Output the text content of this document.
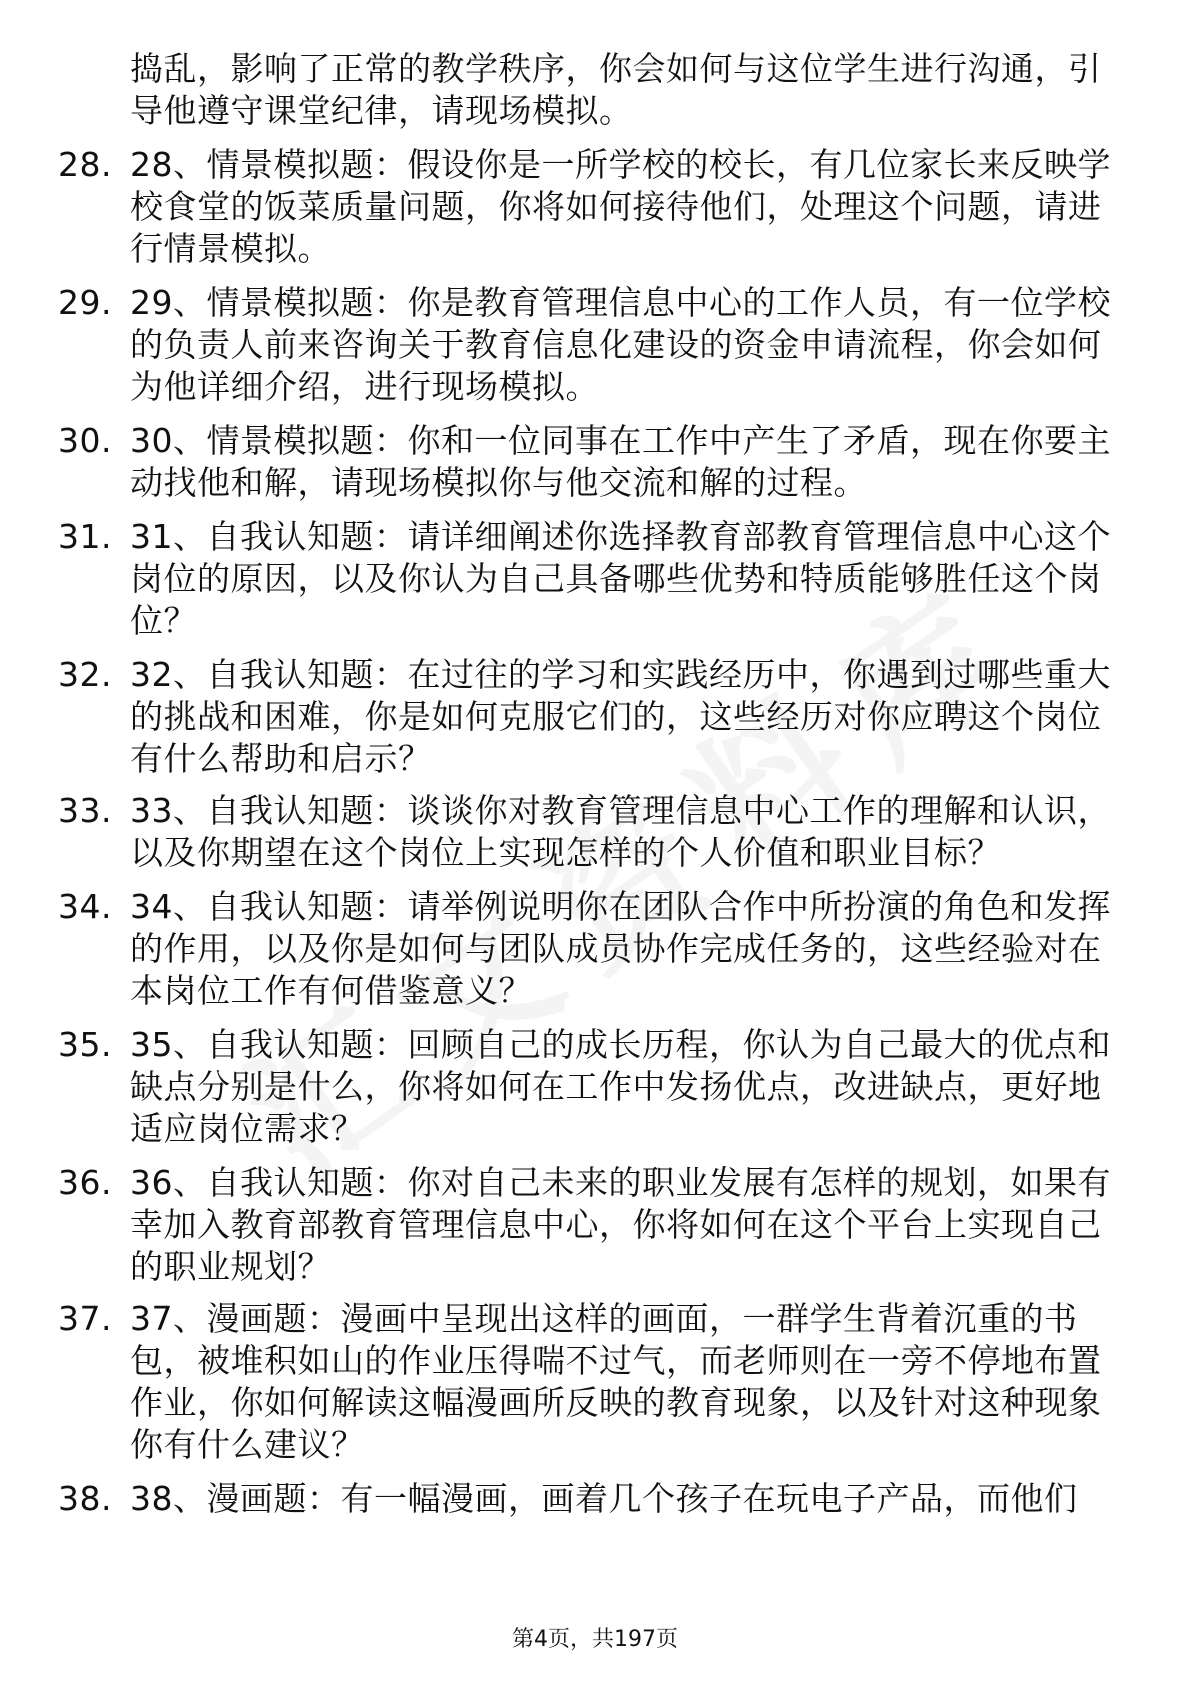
捣乱，影响了正常的教学秩序，你会如何与这位学生进行沟通，引导他遵守课堂纪律，请现场模拟。
28. 28、情景模拟题：假设你是一所学校的校长，有几位家长来反映学校食堂的饭菜质量问题，你将如何接待他们，处理这个问题，请进行情景模拟。
29. 29、情景模拟题：你是教育管理信息中心的工作人员，有一位学校的负责人前来咨询关于教育信息化建设的资金申请流程，你会如何为他详细介绍，进行现场模拟。
30. 30、情景模拟题：你和一位同事在工作中产生了矛盾，现在你要主动找他和解，请现场模拟你与他交流和解的过程。
31. 31、自我认知题：请详细阐述你选择教育部教育管理信息中心这个岗位的原因，以及你认为自己具备哪些优势和特质能够胜任这个岗位？
32. 32、自我认知题：在过往的学习和实践经历中，你遇到过哪些重大的挑战和困难，你是如何克服它们的，这些经历对你应聘这个岗位有什么帮助和启示？
33. 33、自我认知题：谈谈你对教育管理信息中心工作的理解和认识，以及你期望在这个岗位上实现怎样的个人价值和职业目标？
34. 34、自我认知题：请举例说明你在团队合作中所扮演的角色和发挥的作用，以及你是如何与团队成员协作完成任务的，这些经验对在本岗位工作有何借鉴意义？
35. 35、自我认知题：回顾自己的成长历程，你认为自己最大的优点和缺点分别是什么，你将如何在工作中发扬优点，改进缺点，更好地适应岗位需求？
36. 36、自我认知题：你对自己未来的职业发展有怎样的规划，如果有幸加入教育部教育管理信息中心，你将如何在这个平台上实现自己的职业规划？
37. 37、漫画题：漫画中呈现出这样的画面，一群学生背着沉重的书包，被堆积如山的作业压得喘不过气，而老师则在一旁不停地布置作业，你如何解读这幅漫画所反映的教育现象，以及针对这种现象你有什么建议？
38. 38、漫画题：有一幅漫画，画着几个孩子在玩电子产品，而他们
第4页，共197页
